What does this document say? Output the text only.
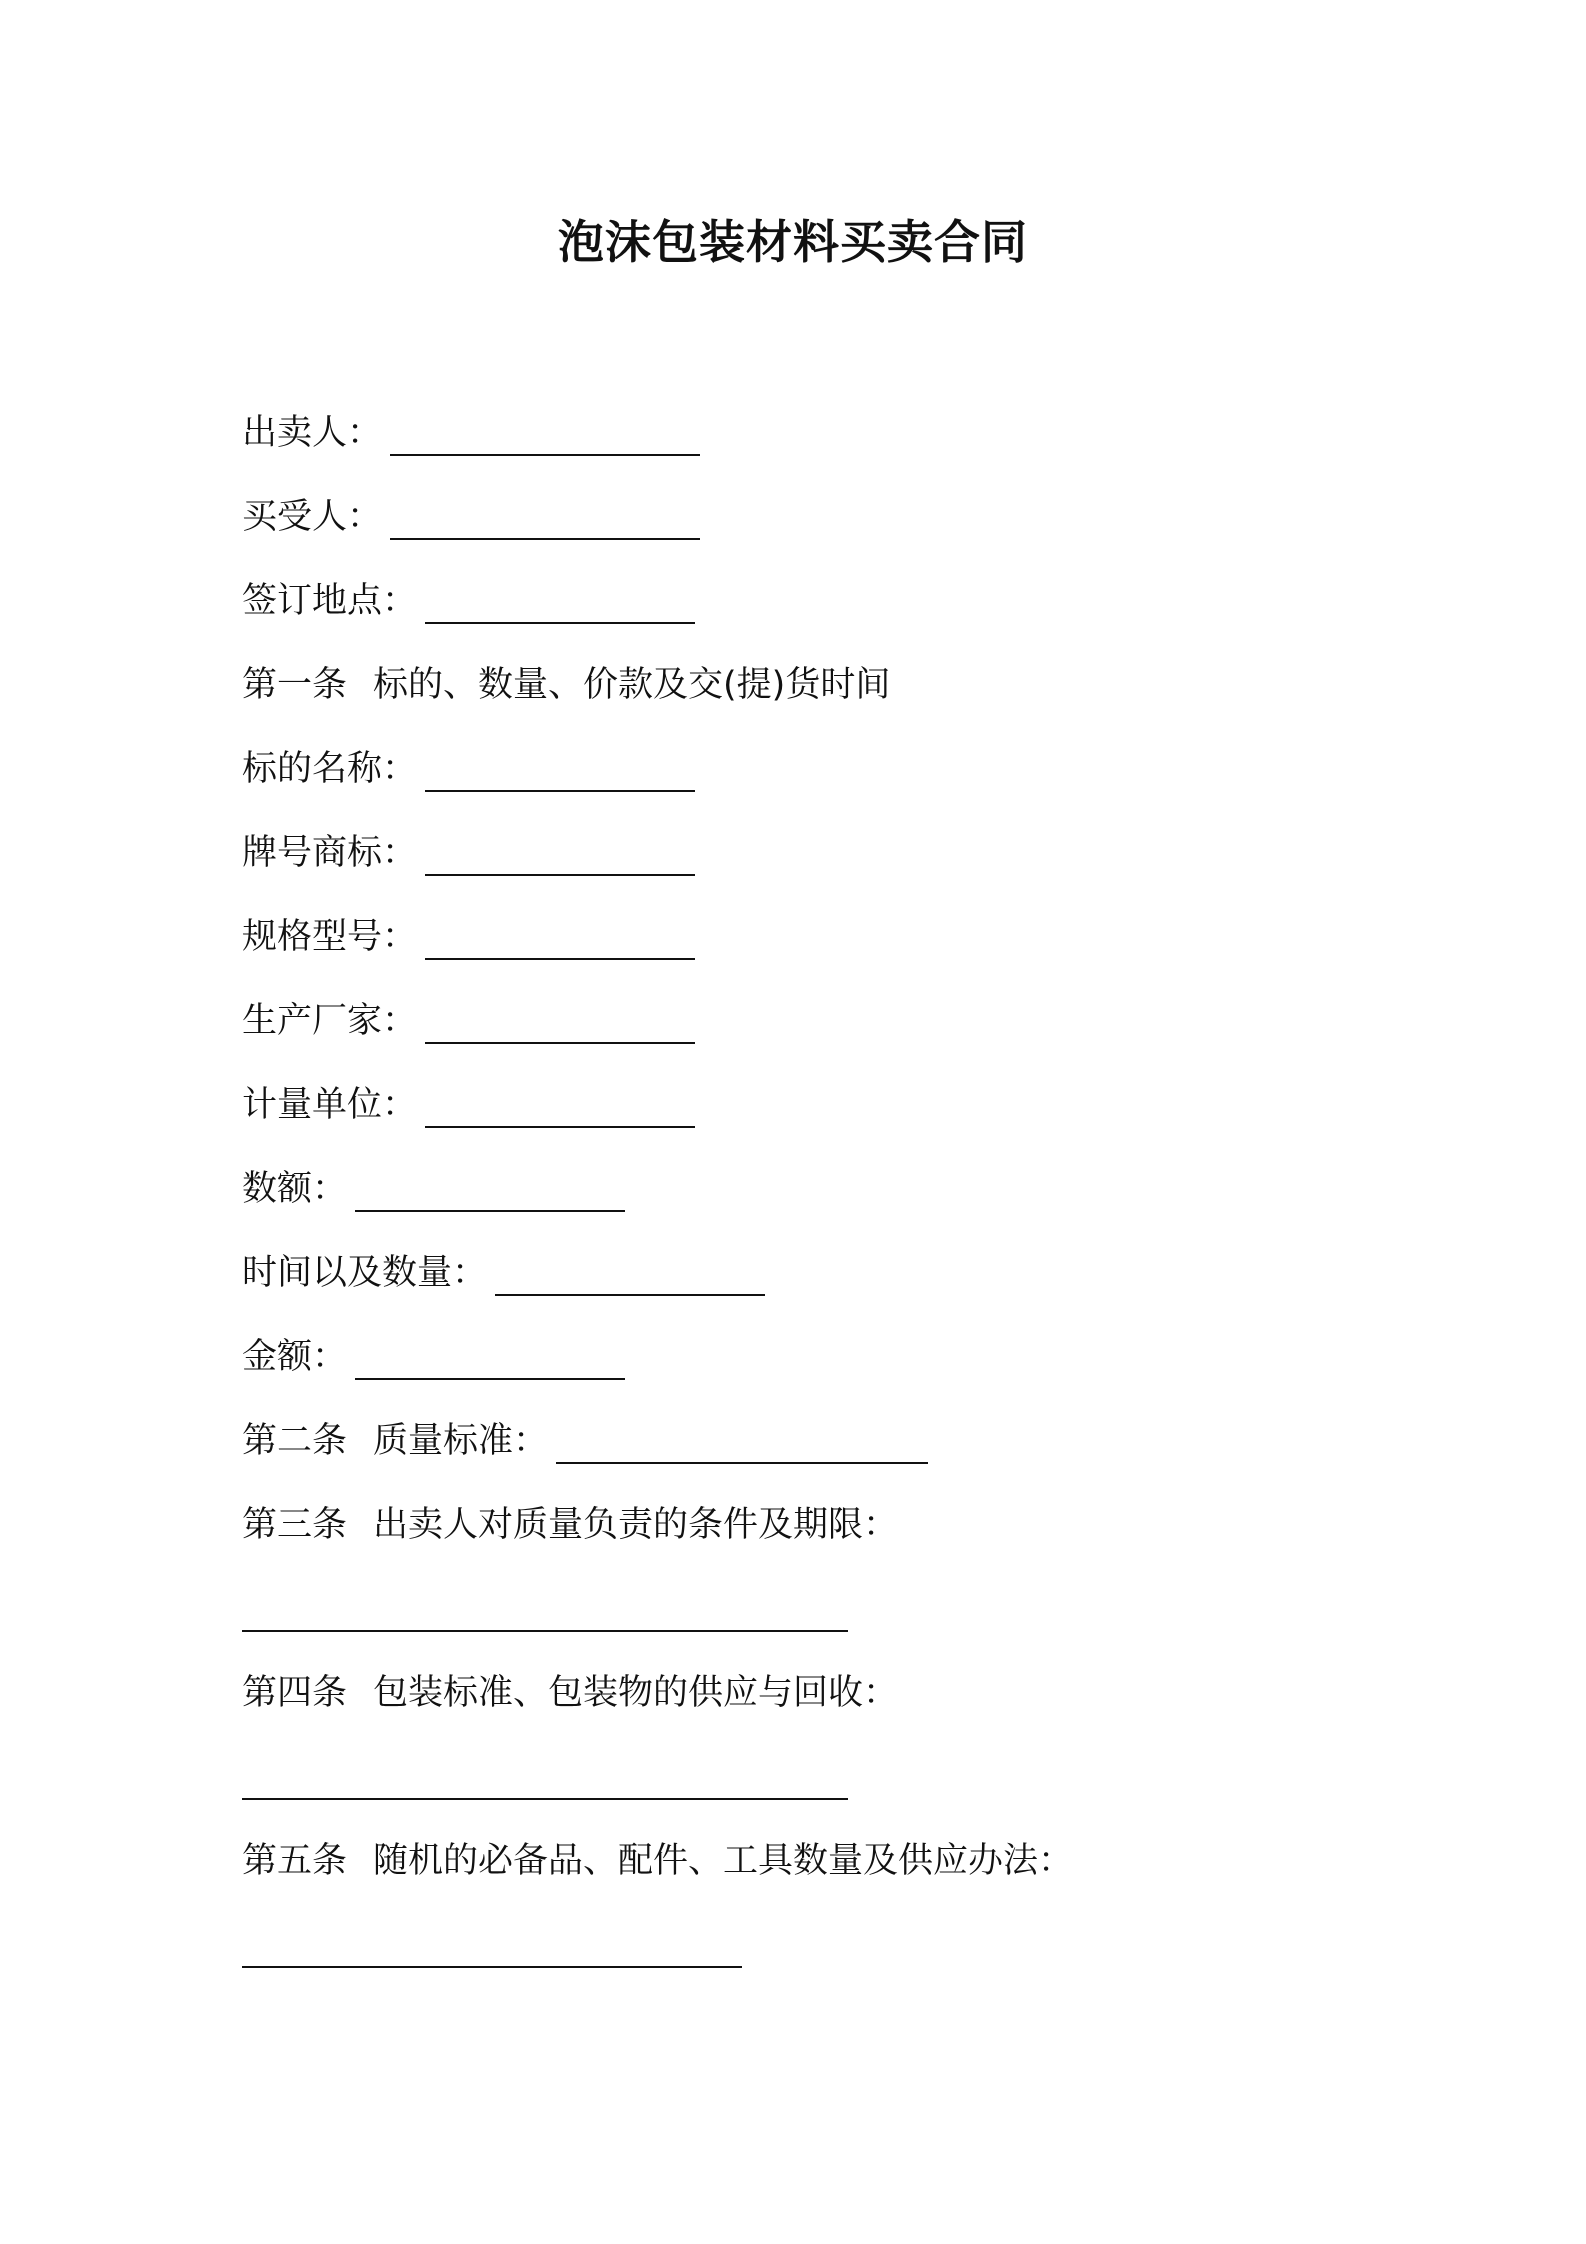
泡沫包装材料买卖合同
出卖人：
买受人：
签订地点：
第一条 标的、数量、价款及交(提)货时间
标的名称：
牌号商标：
规格型号：
生产厂家：
计量单位：
数额：
时间以及数量：
金额：
第二条 质量标准：
第三条 出卖人对质量负责的条件及期限：
第四条 包装标准、包装物的供应与回收：
第五条 随机的必备品、配件、工具数量及供应办法：
